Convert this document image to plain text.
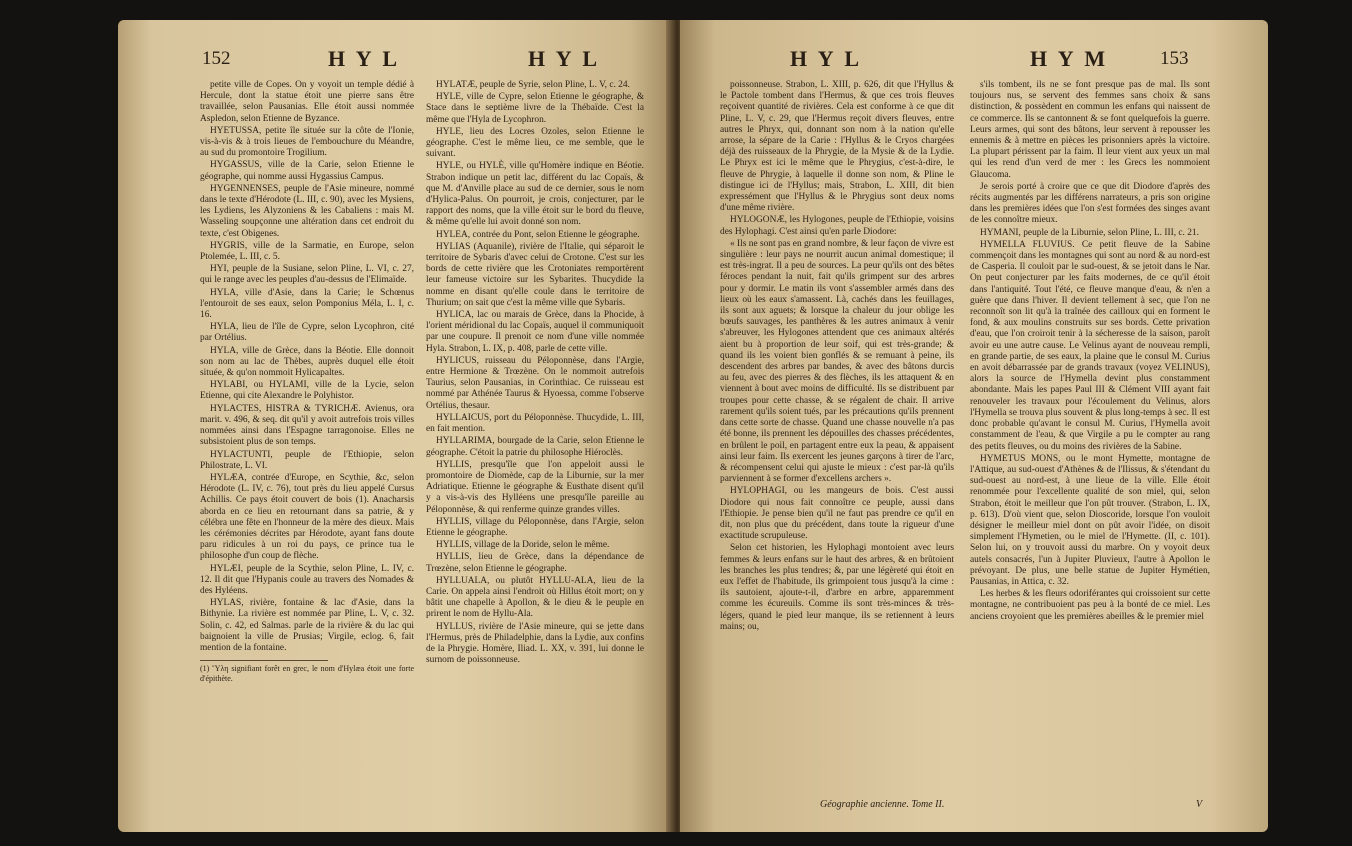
152	H Y L	H Y L

petite ville de Copes. On y voyoit un temple dédié à Hercule, dont la statue étoit une pierre sans être travaillée, selon Pausanias. Elle étoit aussi nommée Aspledon, selon Etienne de Byzance.

HYETUSSA, petite île située sur la côte de l'Ionie, vis-à-vis & à trois lieues de l'embouchure du Méandre, au sud du promontoire Trogilium.

HYGASSUS, ville de la Carie, selon Etienne le géographe, qui nomme aussi Hygassius Campus.

HYGENNENSES, peuple de l'Asie mineure, nommé dans le texte d'Hérodote (L. III, c. 90), avec les Mysiens, les Lydiens, les Alyzoniens & les Cabaliens : mais M. Wasseling soupçonne une altération dans cet endroit du texte, c'est Obigenes.

HYGRIS, ville de la Sarmatie, en Europe, selon Ptolemée, L. III, c. 5.

HYI, peuple de la Susiane, selon Pline, L. VI, c. 27, qui le range avec les peuples d'au-dessus de l'Elimaïde.

HYLA, ville d'Asie, dans la Carie; le Schœnus l'entouroit de ses eaux, selon Pomponius Méla, L. I, c. 16.

HYLA, lieu de l'île de Cypre, selon Lycophron, cité par Ortélius.

HYLA, ville de Grèce, dans la Béotie. Elle donnoit son nom au lac de Thèbes, auprès duquel elle étoit située, & qu'on nommoit Hylicapaltes.

HYLABI, ou HYLAMI, ville de la Lycie, selon Etienne, qui cite Alexandre le Polyhistor.

HYLACTES, HISTRA & TYRICHÆ. Avienus, ora marit. v. 496, & seq. dit qu'il y avoit autrefois trois villes nommées ainsi dans l'Espagne tarragonoise. Elles ne subsistoient plus de son temps.

HYLACTUNTI, peuple de l'Ethiopie, selon Philostrate, L. VI.

HYLÆA, contrée d'Europe, en Scythie, &c, selon Hérodote (L. IV, c. 76), tout près du lieu appelé Cursus Achillis. Ce pays étoit couvert de bois (1). Anacharsis aborda en ce lieu en retournant dans sa patrie, & y célébra une fête en l'honneur de la mère des dieux. Mais les cérémonies décrites par Hérodote, ayant fans doute paru ridicules à un roi du pays, ce prince tua le philosophe d'un coup de flèche.

HYLÆI, peuple de la Scythie, selon Pline, L. IV, c. 12. Il dit que l'Hypanis coule au travers des Nomades & des Hyléens.

HYLAS, rivière, fontaine & lac d'Asie, dans la Bithynie. La rivière est nommée par Pline, L. V, c. 32. Solin, c. 42, ed Salmas. parle de la rivière & du lac qui baignoient la ville de Prusias; Virgile, eclog. 6, fait mention de la fontaine.

(1) Ὕλη signifiant forêt en grec, le nom d'Hylæa étoit une forte d'épithète.

HYLATÆ, peuple de Syrie, selon Pline, L. V, c. 24.

HYLE, ville de Cypre, selon Etienne le géographe, & Stace dans le septième livre de la Thébaïde. C'est la même que l'Hyla de Lycophron.

HYLE, lieu des Locres Ozoles, selon Etienne le géographe. C'est le même lieu, ce me semble, que le suivant.

HYLE, ou HYLÈ, ville qu'Homère indique en Béotie. Strabon indique un petit lac, différent du lac Copaïs, & que M. d'Anville place au sud de ce dernier, sous le nom d'Hylica-Palus. On pourroit, je crois, conjecturer, par le rapport des noms, que la ville étoit sur le bord du fleuve, & même qu'elle lui avoit donné son nom.

HYLEA, contrée du Pont, selon Etienne le géographe.

HYLIAS (Aquanile), rivière de l'Italie, qui séparoit le territoire de Sybaris d'avec celui de Crotone. C'est sur les bords de cette rivière que les Crotoniates remportèrent leur fameuse victoire sur les Sybarites. Thucydide la nomme en disant qu'elle coule dans le territoire de Thurium; on sait que c'est la même ville que Sybaris.

HYLICA, lac ou marais de Grèce, dans la Phocide, à l'orient méridional du lac Copaïs, auquel il communiquoit par une coupure. Il prenoit ce nom d'une ville nommée Hyla. Strabon, L. IX, p. 408, parle de cette ville.

HYLICUS, ruisseau du Péloponnèse, dans l'Argie, entre Hermione & Trœzène. On le nommoit autrefois Taurius, selon Pausanias, in Corinthiac. Ce ruisseau est nommé par Athénée Taurus & Hyoessa, comme l'observe Ortélius, thesaur.

HYLLAICUS, port du Péloponnèse. Thucydide, L. III, en fait mention.

HYLLARIMA, bourgade de la Carie, selon Etienne le géographe. C'étoit la patrie du philosophe Hiéroclès.

HYLLIS, presqu'île que l'on appeloit aussi le promontoire de Diomède, cap de la Liburnie, sur la mer Adriatique. Etienne le géographe & Eusthate disent qu'il y a vis-à-vis des Hylléens une presqu'île pareille au Péloponnèse, & qui renferme quinze grandes villes.

HYLLIS, village du Péloponnèse, dans l'Argie, selon Etienne le géographe.

HYLLIS, village de la Doride, selon le même.

HYLLIS, lieu de Grèce, dans la dépendance de Trœzène, selon Etienne le géographe.

HYLLUALA, ou plutôt HYLLU-ALA, lieu de la Carie. On appela ainsi l'endroit où Hillus étoit mort; on y bâtit une chapelle à Apollon, & le dieu & le peuple en prirent le nom de Hyllu-Ala.

HYLLUS, rivière de l'Asie mineure, qui se jette dans l'Hermus, près de Philadelphie, dans la Lydie, aux confins de la Phrygie. Homère, Iliad. L. XX, v. 391, lui donne le surnom de poissonneuse.

H Y L	H Y M	153

poissonneuse. Strabon, L. XIII, p. 626, dit que l'Hyllus & le Pactole tombent dans l'Hermus, & que ces trois fleuves reçoivent quantité de rivières. Cela est conforme à ce que dit Pline, L. V, c. 29, que l'Hermus reçoit divers fleuves, entre autres le Phryx, qui, donnant son nom à la nation qu'elle arrose, la sépare de la Carie : l'Hyllus & le Cryos chargées déjà des ruisseaux de la Phrygie, de la Mysie & de la Lydie. Le Phryx est ici le même que le Phrygius, c'est-à-dire, le fleuve de Phrygie, à laquelle il donne son nom, & Pline le distingue ici de l'Hyllus; mais, Strabon, L. XIII, dit bien expressément que l'Hyllus & le Phrygius sont deux noms d'une même rivière.

HYLOGONÆ, les Hylogones, peuple de l'Ethiopie, voisins des Hylophagi. C'est ainsi qu'en parle Diodore:

« Ils ne sont pas en grand nombre, & leur façon de vivre est singulière : leur pays ne nourrit aucun animal domestique; il est très-ingrat. Il a peu de sources. La peur qu'ils ont des bêtes féroces pendant la nuit, fait qu'ils grimpent sur des arbres pour y dormir. Le matin ils vont s'assembler armés dans des lieux où les eaux s'amassent. Là, cachés dans les feuillages, ils sont aux aguets; & lorsque la chaleur du jour oblige les bœufs sauvages, les panthères & les autres animaux à venir s'abreuver, les Hylogones attendent que ces animaux altérés aient bu à proportion de leur soif, qui est très-grande; & quand ils les voient bien gonflés & se remuant à peine, ils descendent des arbres par bandes, & avec des bâtons durcis au feu, avec des pierres & des flèches, ils les attaquent & en viennent à bout avec moins de difficulté. Ils se distribuent par troupes pour cette chasse, & se régalent de chair. Il arrive rarement qu'ils soient tués, par les précautions qu'ils prennent dans cette sorte de chasse. Quand une chasse nouvelle n'a pas été bonne, ils prennent les dépouilles des chasses précédentes, en brûlent le poil, en partagent entre eux la peau, & appaisent ainsi leur faim. Ils exercent les jeunes garçons à tirer de l'arc, & récompensent celui qui ajuste le mieux : c'est par-là qu'ils parviennent à se former d'excellens archers ».

HYLOPHAGI, ou les mangeurs de bois. C'est aussi Diodore qui nous fait connoître ce peuple, aussi dans l'Ethiopie. Je pense bien qu'il ne faut pas prendre ce qu'il en dit, non plus que du précédent, dans toute la rigueur d'une exactitude scrupuleuse.

Selon cet historien, les Hylophagi montoient avec leurs femmes & leurs enfans sur le haut des arbres, & en brûtoient les branches les plus tendres; &, par une légèreté qui étoit en eux l'effet de l'habitude, ils grimpoient tous jusqu'à la cime : ils sautoient, ajoute-t-il, d'arbre en arbre, apparemment comme les écureuils. Comme ils sont très-minces & très-légers, quand le pied leur manque, ils se retiennent à leurs mains; ou,

Géographie ancienne. Tome II.

s'ils tombent, ils ne se font presque pas de mal. Ils sont toujours nus, se servent des femmes sans choix & sans distinction, & possèdent en commun les enfans qui naissent de ce commerce. Ils se cantonnent & se font quelquefois la guerre. Leurs armes, qui sont des bâtons, leur servent à repousser les ennemis & à mettre en pièces les prisonniers après la victoire. La plupart périssent par la faim. Il leur vient aux yeux un mal qui les rend d'un verd de mer : les Grecs les nommoient Glaucoma.

Je serois porté à croire que ce que dit Diodore d'après des récits augmentés par les différens narrateurs, a pris son origine dans les premières idées que l'on s'est formées des singes avant de les connoître mieux.

HYMANI, peuple de la Liburnie, selon Pline, L. III, c. 21.

HYMELLA FLUVIUS. Ce petit fleuve de la Sabine commençoit dans les montagnes qui sont au nord & au nord-est de Casperia. Il couloit par le sud-ouest, & se jetoit dans le Nar. On peut conjecturer par les faits modernes, de ce qu'il étoit dans l'antiquité. Tout l'été, ce fleuve manque d'eau, & n'en a guère que dans l'hiver. Il devient tellement à sec, que l'on ne reconnoît son lit qu'à la traînée des cailloux qui en forment le fond, & aux moulins construits sur ses bords. Cette privation d'eau, que l'on croiroit tenir à la sécheresse de la saison, paroît avoir eu une autre cause. Le Velinus ayant de nouveau rempli, en grande partie, de ses eaux, la plaine que le consul M. Curius en avoit débarrassée par de grands travaux (voyez VELINUS), alors la source de l'Hymella devint plus constamment abondante. Mais les papes Paul III & Clément VIII ayant fait renouveler les travaux pour l'écoulement du Velinus, alors l'Hymella se trouva plus souvent & plus long-temps à sec. Il est donc probable qu'avant le consul M. Curius, l'Hymella avoit constamment de l'eau, & que Virgile a pu le compter au rang des petits fleuves, ou du moins des rivières de la Sabine.

HYMETUS MONS, ou le mont Hymette, montagne de l'Attique, au sud-ouest d'Athènes & de l'Ilissus, & s'étendant du sud-ouest au nord-est, à une lieue de la ville. Elle étoit renommée pour l'excellente qualité de son miel, qui, selon Strabon, étoit le meilleur que l'on pût trouver. (Strabon, L. IX, p. 613). D'où vient que, selon Dioscoride, lorsque l'on vouloit désigner le meilleur miel dont on pût avoir l'idée, on disoit simplement l'Hymetien, ou le miel de l'Hymette. (II, c. 101). Selon lui, on y trouvoit aussi du marbre. On y voyoit deux autels consacrés, l'un à Jupiter Pluvieux, l'autre à Apollon le prévoyant. De plus, une belle statue de Jupiter Hymétien, Pausanias, in Attica, c. 32.

Les herbes & les fleurs odoriférantes qui croissoient sur cette montagne, ne contribuoient pas peu à la bonté de ce miel. Les anciens croyoient que les premières abeilles & le premier miel

V
